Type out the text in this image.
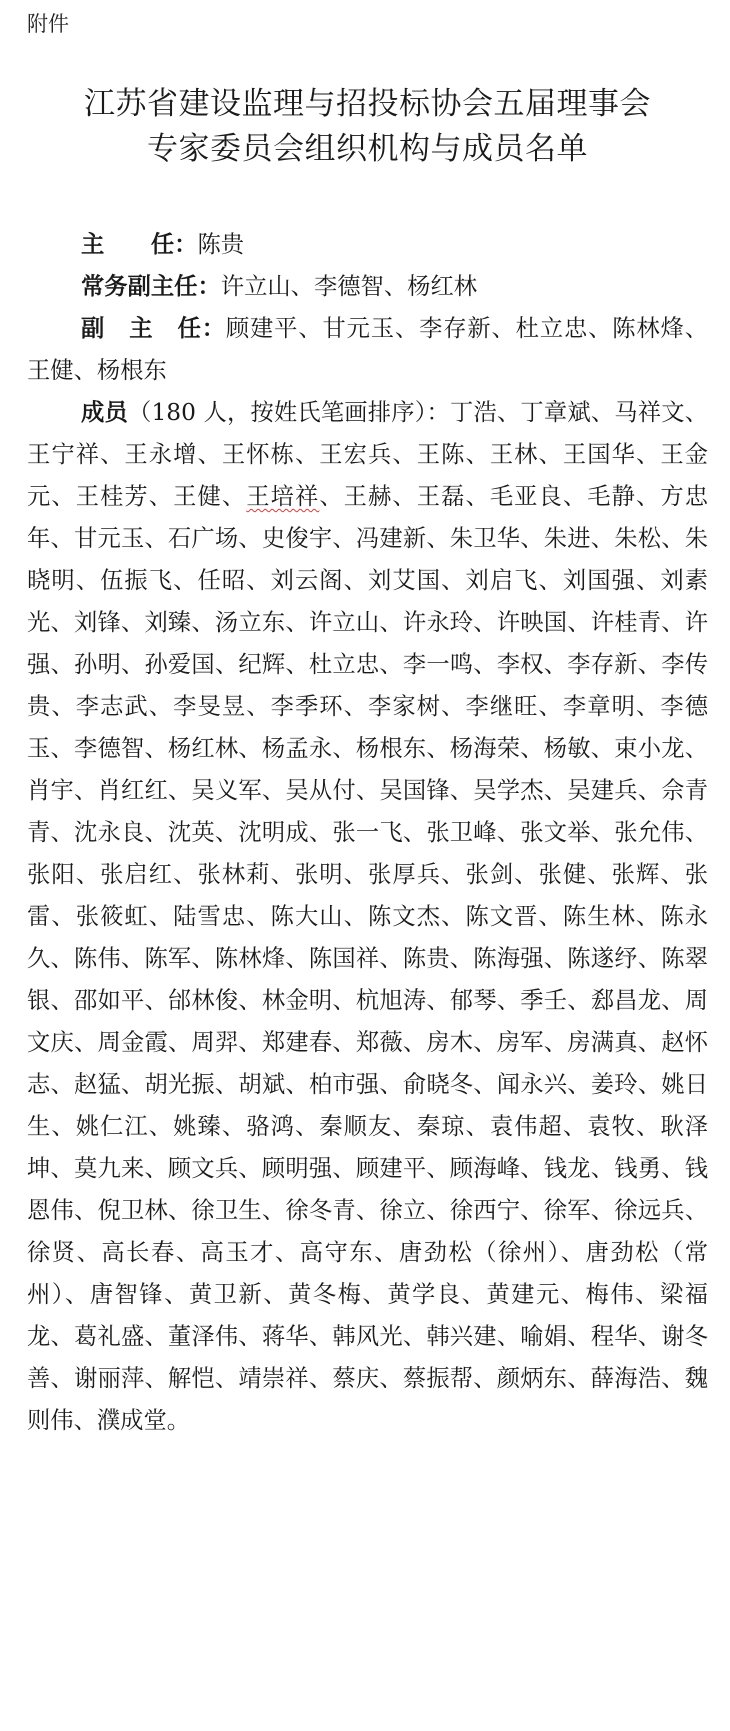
附件
江苏省建设监理与招投标协会五届理事会
专家委员会组织机构与成员名单

主　　任：陈贵

常务副主任：许立山、李德智、杨红林

副　主　任：顾建平、甘元玉、李存新、杜立忠、陈林烽、王健、杨根东

成员（180 人，按姓氏笔画排序）：丁浩、丁章斌、马祥文、王宁祥、王永增、王怀栋、王宏兵、王陈、王林、王国华、王金元、王桂芳、王健、王培祥、王赫、王磊、毛亚良、毛静、方忠年、甘元玉、石广场、史俊宇、冯建新、朱卫华、朱进、朱松、朱晓明、伍振飞、任昭、刘云阁、刘艾国、刘启飞、刘国强、刘素光、刘锋、刘臻、汤立东、许立山、许永玲、许映国、许桂青、许强、孙明、孙爱国、纪辉、杜立忠、李一鸣、李权、李存新、李传贵、李志武、李旻昱、李季环、李家树、李继旺、李章明、李德玉、李德智、杨红林、杨孟永、杨根东、杨海荣、杨敏、束小龙、肖宇、肖红红、吴义军、吴从付、吴国锋、吴学杰、吴建兵、佘青青、沈永良、沈英、沈明成、张一飞、张卫峰、张文举、张允伟、张阳、张启红、张林莉、张明、张厚兵、张剑、张健、张辉、张雷、张筱虹、陆雪忠、陈大山、陈文杰、陈文晋、陈生林、陈永久、陈伟、陈军、陈林烽、陈国祥、陈贵、陈海强、陈遂纾、陈翠银、邵如平、邰林俊、林金明、杭旭涛、郁琴、季壬、郄昌龙、周文庆、周金霞、周羿、郑建春、郑薇、房木、房军、房满真、赵怀志、赵猛、胡光振、胡斌、柏市强、俞晓冬、闻永兴、姜玲、姚日生、姚仁江、姚臻、骆鸿、秦顺友、秦琼、袁伟超、袁牧、耿泽坤、莫九来、顾文兵、顾明强、顾建平、顾海峰、钱龙、钱勇、钱恩伟、倪卫林、徐卫生、徐冬青、徐立、徐西宁、徐军、徐远兵、徐贤、高长春、高玉才、高守东、唐劲松（徐州）、唐劲松（常州）、唐智锋、黄卫新、黄冬梅、黄学良、黄建元、梅伟、梁福龙、葛礼盛、董泽伟、蒋华、韩风光、韩兴建、喻娟、程华、谢冬善、谢丽萍、解恺、靖崇祥、蔡庆、蔡振帮、颜炳东、薛海浩、魏则伟、濮成堂。
